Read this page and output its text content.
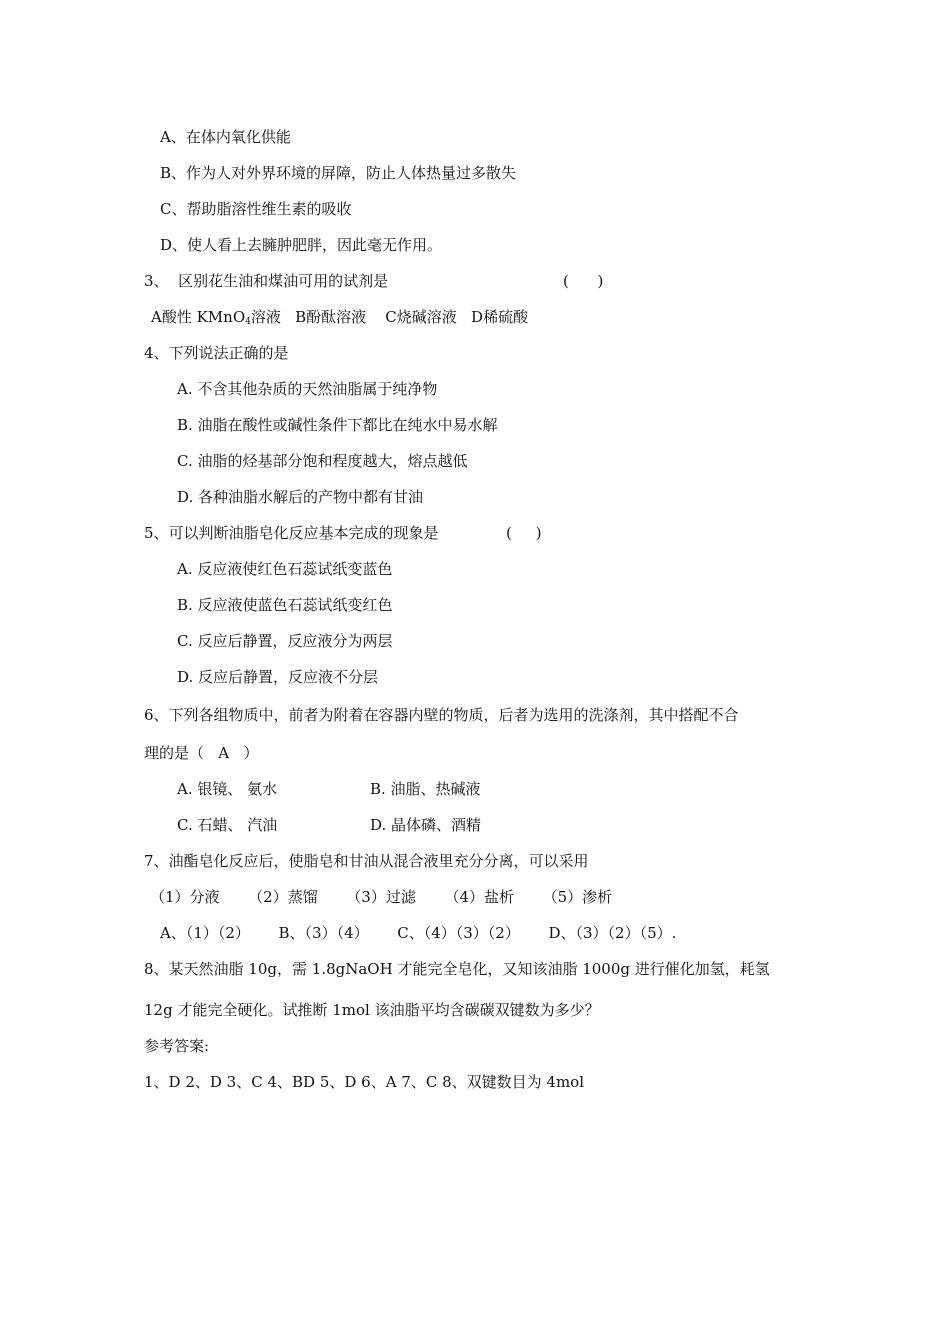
A、在体内氧化供能
B、作为人对外界环境的屏障，防止人体热量过多散失
C、帮助脂溶性维生素的吸收
D、使人看上去臃肿肥胖，因此毫无作用。
3、  区别花生油和煤油可用的试剂是	(      )
A酸性 KMnO$_4$溶液   B酚酞溶液    C烧碱溶液   D稀硫酸
4、下列说法正确的是
A. 不含其他杂质的天然油脂属于纯净物
B. 油脂在酸性或碱性条件下都比在纯水中易水解
C. 油脂的烃基部分饱和程度越大，熔点越低
D. 各种油脂水解后的产物中都有甘油
5、可以判断油脂皂化反应基本完成的现象是	(     )
A. 反应液使红色石蕊试纸变蓝色
B. 反应液使蓝色石蕊试纸变红色
C. 反应后静置，反应液分为两层
D. 反应后静置，反应液不分层
6、下列各组物质中，前者为附着在容器内壁的物质，后者为选用的洗涤剂，其中搭配不合
理的是（   A   ）
A. 银镜、 氨水	B. 油脂、热碱液
C. 石蜡、 汽油	D. 晶体磷、酒精
7、油酯皂化反应后，使脂皂和甘油从混合液里充分分离，可以采用
（1）分液      （2）蒸馏      （3）过滤      （4）盐析      （5）渗析
A、（1）（2）      B、（3）（4）      C、（4）（3）（2）      D、（3）（2）（5）.
8、某天然油脂 10g，需 1.8gNaOH 才能完全皂化，又知该油脂 1000g 进行催化加氢，耗氢
12g 才能完全硬化。试推断 1mol 该油脂平均含碳碳双键数为多少？
参考答案:
1、D 2、D 3、C 4、BD 5、D 6、A 7、C 8、双键数目为 4mol
